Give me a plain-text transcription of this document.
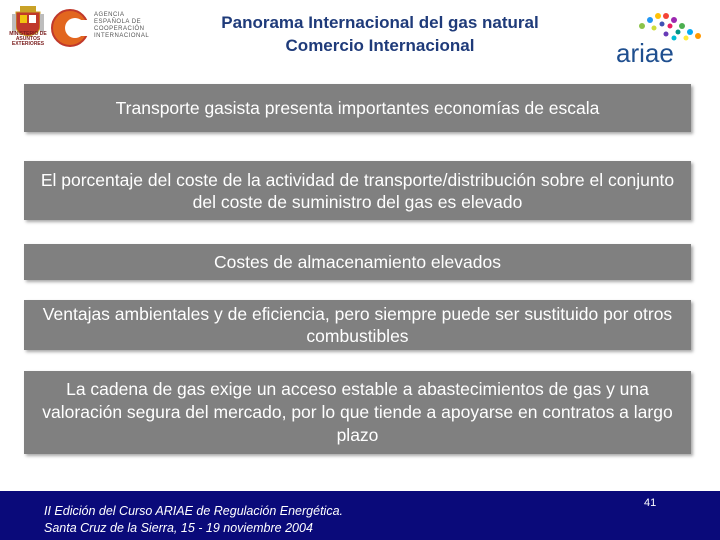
MINISTERIO DE ASUNTOS EXTERIORES
AGENCIA
ESPAÑOLA DE
COOPERACIÓN
INTERNACIONAL
Panorama Internacional del gas natural
Comercio Internacional	ariae
Transporte gasista presenta importantes economías de escala
El porcentaje del coste de la actividad de transporte/distribución sobre el conjunto del coste de suministro del gas es elevado
Costes de almacenamiento elevados
Ventajas ambientales y de eficiencia, pero siempre puede ser sustituido por otros combustibles
La cadena de gas exige un acceso estable a abastecimientos de gas y una valoración segura del mercado, por lo que tiende a apoyarse en contratos a largo plazo
II Edición del Curso ARIAE de Regulación Energética.
Santa Cruz de la Sierra, 15 - 19 noviembre 2004
41
